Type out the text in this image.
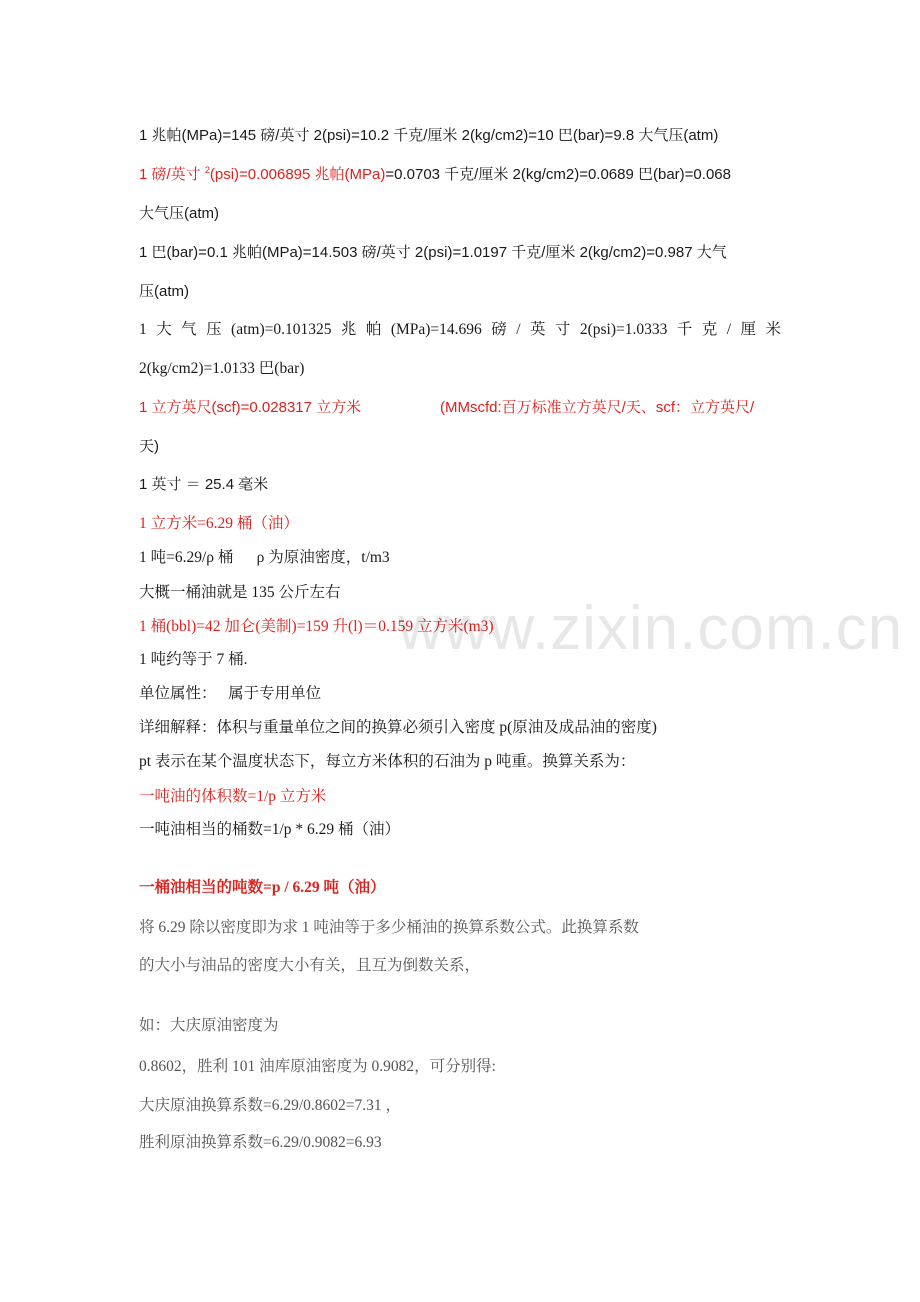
1 兆帕(MPa)=145 磅/英寸 2(psi)=10.2 千克/厘米 2(kg/cm2)=10 巴(bar)=9.8 大气压(atm)
1 磅/英寸 $^2$(psi)=0.006895 兆帕(MPa)=0.0703 千克/厘米 2(kg/cm2)=0.0689 巴(bar)=0.068
大气压(atm)
1 巴(bar)=0.1 兆帕(MPa)=14.503 磅/英寸 2(psi)=1.0197 千克/厘米 2(kg/cm2)=0.987 大气
压(atm)
1 大 气 压 (atm)=0.101325 兆 帕 (MPa)=14.696 磅 / 英 寸 2(psi)=1.0333 千 克 / 厘 米
2(kg/cm2)=1.0133 巴(bar)
1 立方英尺(scf)=0.028317 立方米	(MMscfd:百万标准立方英尺/天、scf：立方英尺/
天)
1 英寸 ＝ 25.4 毫米
1 立方米=6.29 桶（油）
1 吨=6.29/ρ 桶      ρ 为原油密度，t/m3
大概一桶油就是 135 公斤左右
1 桶(bbl)=42 加仑(美制)=159 升(l)＝0.159 立方米(m3)
1 吨约等于 7 桶.
单位属性：   属于专用单位
详细解释：体积与重量单位之间的换算必须引入密度 p(原油及成品油的密度)
pt 表示在某个温度状态下，每立方米体积的石油为 p 吨重。换算关系为：
一吨油的体积数=1/p 立方米
一吨油相当的桶数=1/p * 6.29 桶（油）
一桶油相当的吨数=p / 6.29 吨（油）
将 6.29 除以密度即为求 1 吨油等于多少桶油的换算系数公式。此换算系数
的大小与油品的密度大小有关，且互为倒数关系，
如：大庆原油密度为
0.8602，胜利 101 油库原油密度为 0.9082，可分别得:
大庆原油换算系数=6.29/0.8602=7.31 ，
胜利原油换算系数=6.29/0.9082=6.93
www.zixin.com.cn
